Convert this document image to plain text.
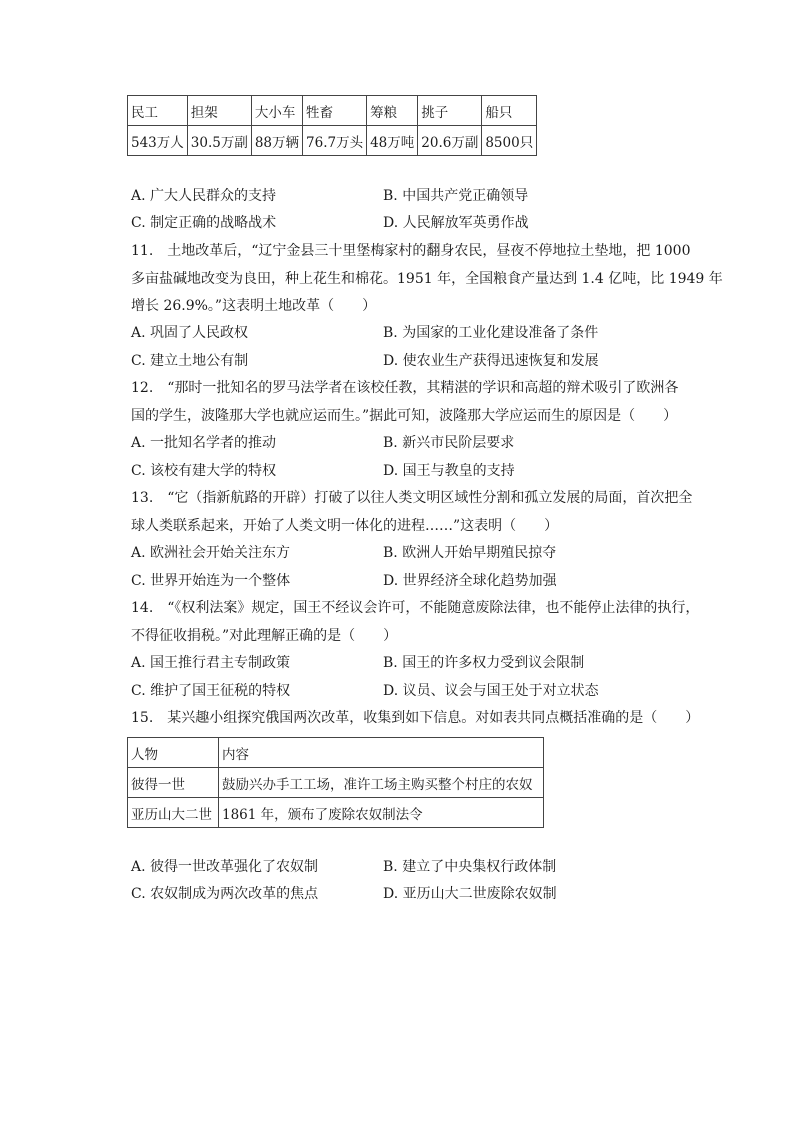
民工	担架	大小车	牲畜	筹粮	挑子	船只
543万人	30.5万副	88万辆	76.7万头	48万吨	20.6万副	8500只
A. 广大人民群众的支持	B. 中国共产党正确领导
C. 制定正确的战略战术	D. 人民解放军英勇作战
11.　土地改革后，“辽宁金县三十里堡梅家村的翻身农民，昼夜不停地拉土垫地，把 1000
多亩盐碱地改变为良田，种上花生和棉花。1951 年，全国粮食产量达到 1.4 亿吨，比 1949 年
增长 26.9%。”这表明土地改革（　　）
A. 巩固了人民政权	B. 为国家的工业化建设准备了条件
C. 建立土地公有制	D. 使农业生产获得迅速恢复和发展
12.　“那时一批知名的罗马法学者在该校任教，其精湛的学识和高超的辩术吸引了欧洲各
国的学生，波隆那大学也就应运而生。”据此可知，波隆那大学应运而生的原因是（　　）
A. 一批知名学者的推动	B. 新兴市民阶层要求
C. 该校有建大学的特权	D. 国王与教皇的支持
13.　“它（指新航路的开辟）打破了以往人类文明区域性分割和孤立发展的局面，首次把全
球人类联系起来，开始了人类文明一体化的进程……”这表明（　　）
A. 欧洲社会开始关注东方	B. 欧洲人开始早期殖民掠夺
C. 世界开始连为一个整体	D. 世界经济全球化趋势加强
14.　“《权利法案》规定，国王不经议会许可，不能随意废除法律，也不能停止法律的执行，
不得征收捐税。”对此理解正确的是（　　）
A. 国王推行君主专制政策	B. 国王的许多权力受到议会限制
C. 维护了国王征税的特权	D. 议员、议会与国王处于对立状态
15.　某兴趣小组探究俄国两次改革，收集到如下信息。对如表共同点概括准确的是（　　）
人物	内容
彼得一世	鼓励兴办手工工场，准许工场主购买整个村庄的农奴
亚历山大二世	1861 年，颁布了废除农奴制法令
A. 彼得一世改革强化了农奴制	B. 建立了中央集权行政体制
C. 农奴制成为两次改革的焦点	D. 亚历山大二世废除农奴制
